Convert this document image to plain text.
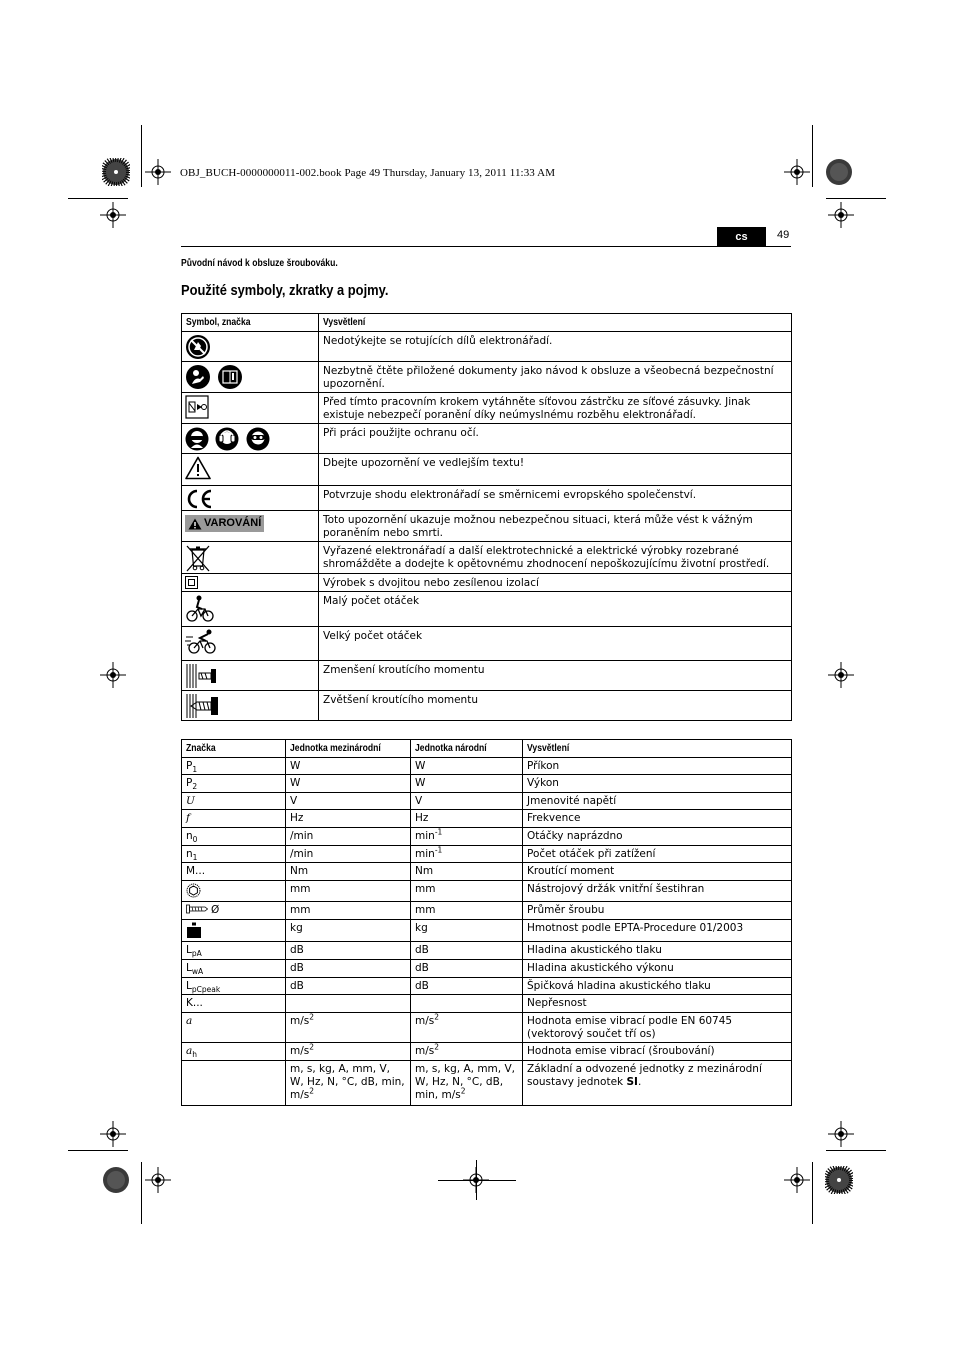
OBJ_BUCH-0000000011-002.book Page 49 Thursday, January 13, 2011 11:33 AM
cs	49
Původní návod k obsluze šroubováku.
Použité symboly, zkratky a pojmy.
Symbol, značka	Vysvětlení
	Nedotýkejte se rotujících dílů elektronářadí.
	Nezbytně čtěte přiložené dokumenty jako návod k obsluze a všeobecná bezpečnostní upozornění.
	Před tímto pracovním krokem vytáhněte síťovou zástrčku ze síťové zásuvky. Jinak existuje nebezpečí poranění díky neúmyslnému rozběhu elektronářadí.
	Při práci použijte ochranu očí.
	Dbejte upozornění ve vedlejším textu!
	Potvrzuje shodu elektronářadí se směrnicemi evropského společenství.

VAROVÁNÍ	Toto upozornění ukazuje možnou nebezpečnou situaci, která může vést k vážným poraněním nebo smrti.
	Vyřazené elektronářadí a další elektrotechnické a elektrické výrobky rozebrané shromážděte a dodejte k opětovnému zhodnocení nepoškozujícímu životní prostředí.
	Výrobek s dvojitou nebo zesílenou izolací
	Malý počet otáček
	Velký počet otáček
	Zmenšení kroutícího momentu
	Zvětšení kroutícího momentu
Značka	Jednotka mezinárodní	Jednotka národní	Vysvětlení
$P_1$	W	W	Příkon
$P_2$	W	W	Výkon
U	V	V	Jmenovité napětí
f	Hz	Hz	Frekvence
$n_0$	/min	$\min^{-1}$	Otáčky naprázdno
$n_1$	/min	$\min^{-1}$	Počet otáček při zatížení
M...	Nm	Nm	Kroutící moment
	mm	mm	Nástrojový držák vnitřní šestihran
Ø	mm	mm	Průměr šroubu
	kg	kg	Hmotnost podle EPTA-Procedure 01/2003
$L_{pA}$	dB	dB	Hladina akustického tlaku
$L_{wA}$	dB	dB	Hladina akustického výkonu
$L_{pCpeak}$	dB	dB	Špičková hladina akustického tlaku
K...			Nepřesnost
a	$m/s^2$	$m/s^2$	Hodnota emise vibrací podle EN 60745 (vektorový součet tří os)
$a_h$	$m/s^2$	$m/s^2$	Hodnota emise vibrací (šroubování)
	m, s, kg, A, mm, V, W, Hz, N, °C, dB, min, $m/s^2$	m, s, kg, A, mm, V, W, Hz, N, °C, dB, min, $m/s^2$	Základní a odvozené jednotky z mezinárodní soustavy jednotek SI.
